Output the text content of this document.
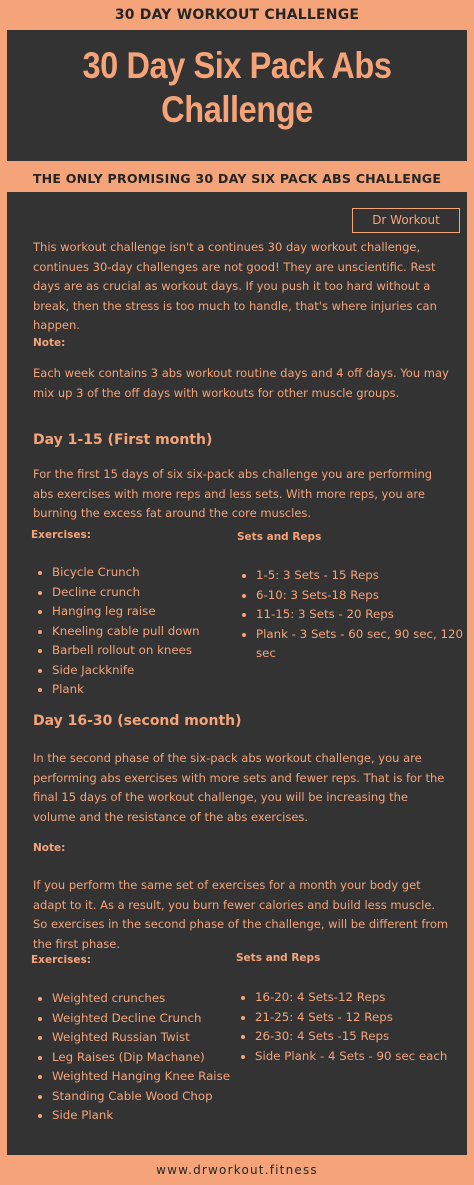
30 DAY WORKOUT CHALLENGE
30 Day Six Pack Abs
Challenge
THE ONLY PROMISING 30 DAY SIX PACK ABS CHALLENGE
Dr Workout

This workout challenge isn't a continues 30 day workout challenge, continues 30-day challenges are not good! They are unscientific. Rest days are as crucial as workout days. If you push it too hard without a break, then the stress is too much to handle, that's where injuries can happen.

Note:

Each week contains 3 abs workout routine days and 4 off days. You may mix up 3 of the off days with workouts for other muscle groups.

Day 1-15 (First month)

For the first 15 days of six six-pack abs challenge you are performing abs exercises with more reps and less sets. With more reps, you are burning the excess fat around the core muscles.

Exercises:	Sets and Reps
• Bicycle Crunch
• Decline crunch
• Hanging leg raise
• Kneeling cable pull down
• Barbell rollout on knees
• Side Jackknife
• Plank
• 1-5: 3 Sets - 15 Reps
• 6-10: 3 Sets-18 Reps
• 11-15: 3 Sets - 20 Reps
• Plank - 3 Sets - 60 sec, 90 sec, 120 sec
Day 16-30 (second month)

In the second phase of the six-pack abs workout challenge, you are performing abs exercises with more sets and fewer reps. That is for the final 15 days of the workout challenge, you will be increasing the volume and the resistance of the abs exercises.

Note:

If you perform the same set of exercises for a month your body get adapt to it. As a result, you burn fewer calories and build less muscle. So exercises in the second phase of the challenge, will be different from the first phase.

Exercises:	Sets and Reps
• Weighted crunches
• Weighted Decline Crunch
• Weighted Russian Twist
• Leg Raises (Dip Machane)
• Weighted Hanging Knee Raise
• Standing Cable Wood Chop
• Side Plank
• 16-20: 4 Sets-12 Reps
• 21-25: 4 Sets - 12 Reps
• 26-30: 4 Sets -15 Reps
• Side Plank - 4 Sets - 90 sec each
www.drworkout.fitness
